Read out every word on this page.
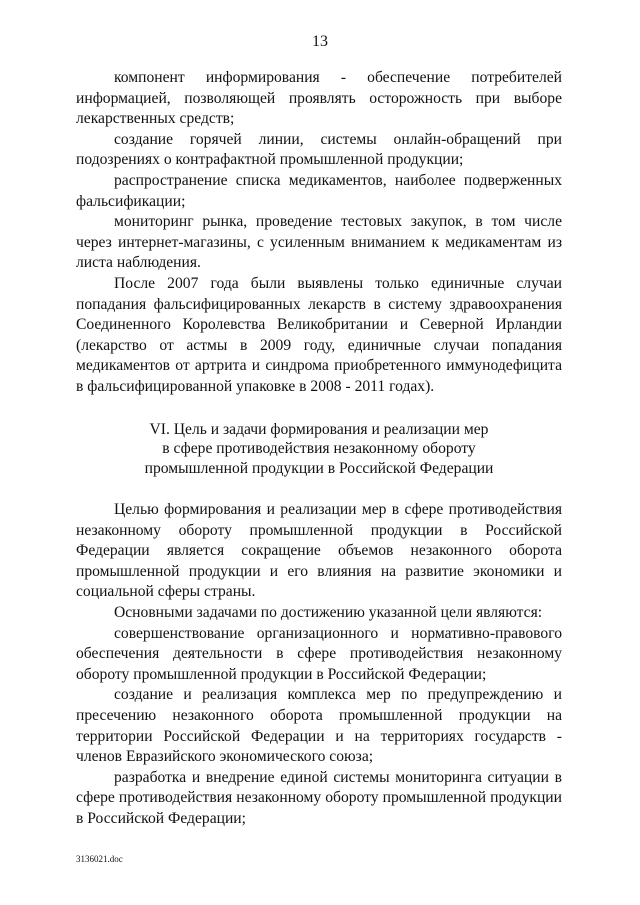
13

компонент информирования - обеспечение потребителей информацией, позволяющей проявлять осторожность при выборе лекарственных средств;

создание горячей линии, системы онлайн-обращений при подозрениях о контрафактной промышленной продукции;

распространение списка медикаментов, наиболее подверженных фальсификации;

мониторинг рынка, проведение тестовых закупок, в том числе через интернет-магазины, с усиленным вниманием к медикаментам из листа наблюдения.

После 2007 года были выявлены только единичные случаи попадания фальсифицированных лекарств в систему здравоохранения Соединенного Королевства Великобритании и Северной Ирландии (лекарство от астмы в 2009 году, единичные случаи попадания медикаментов от артрита и синдрома приобретенного иммунодефицита в фальсифицированной упаковке в 2008 - 2011 годах).

VI. Цель и задачи формирования и реализации мер
в сфере противодействия незаконному обороту
промышленной продукции в Российской Федерации

Целью формирования и реализации мер в сфере противодействия незаконному обороту промышленной продукции в Российской Федерации является сокращение объемов незаконного оборота промышленной продукции и его влияния на развитие экономики и социальной сферы страны.

Основными задачами по достижению указанной цели являются:

совершенствование организационного и нормативно-правового обеспечения деятельности в сфере противодействия незаконному обороту промышленной продукции в Российской Федерации;

создание и реализация комплекса мер по предупреждению и пресечению незаконного оборота промышленной продукции на территории Российской Федерации и на территориях государств - членов Евразийского экономического союза;

разработка и внедрение единой системы мониторинга ситуации в сфере противодействия незаконному обороту промышленной продукции в Российской Федерации;

3136021.doc
